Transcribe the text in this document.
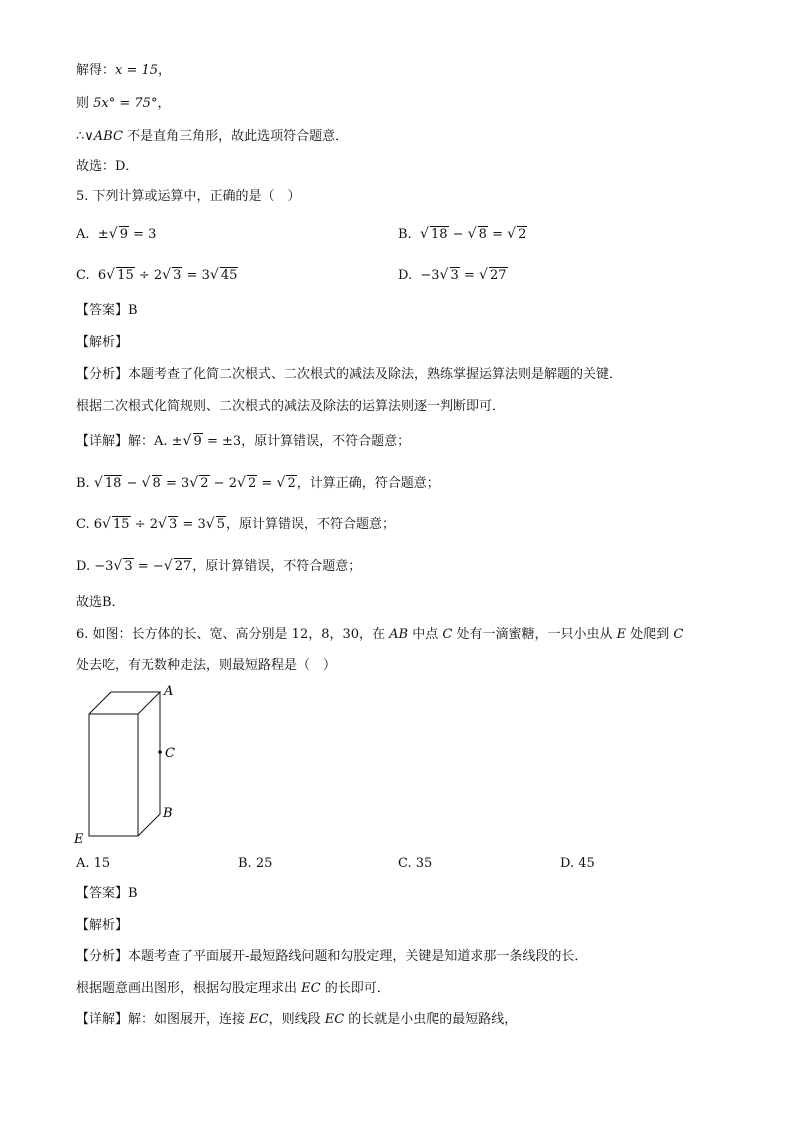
解得：x = 15，
则 5x° = 75°，
∴∨ABC 不是直角三角形，故此选项符合题意．
故选：D．
5. 下列计算或运算中，正确的是（　）
A. ± √ 9 = 3	B. √ 18 − √ 8 = √ 2
C. 6 √ 15 ÷ 2 √ 3 = 3 √ 45	D. −3 √ 3 = √ 27
【答案】B
【解析】
【分析】本题考查了化简二次根式、二次根式的减法及除法，熟练掌握运算法则是解题的关键．
根据二次根式化简规则、二次根式的减法及除法的运算法则逐一判断即可．
【详解】解：A. ± √ 9 = ±3，原计算错误，不符合题意；
B. √ 18 − √ 8 = 3 √ 2 − 2 √ 2 = √ 2，计算正确，符合题意；
C. 6 √ 15 ÷ 2 √ 3 = 3 √ 5，原计算错误，不符合题意；
D. −3 √ 3 = − √ 27，原计算错误，不符合题意；
故选B．
6. 如图：长方体的长、宽、高分别是 12，8，30，在 AB 中点 C 处有一滴蜜糖，一只小虫从 E 处爬到 C
处去吃，有无数种走法，则最短路程是（　）
A
C
B
E
A. 15	B. 25	C. 35	D. 45
【答案】B
【解析】
【分析】本题考查了平面展开-最短路线问题和勾股定理，关键是知道求那一条线段的长．
根据题意画出图形，根据勾股定理求出 EC 的长即可．
【详解】解：如图展开，连接 EC，则线段 EC 的长就是小虫爬的最短路线，
